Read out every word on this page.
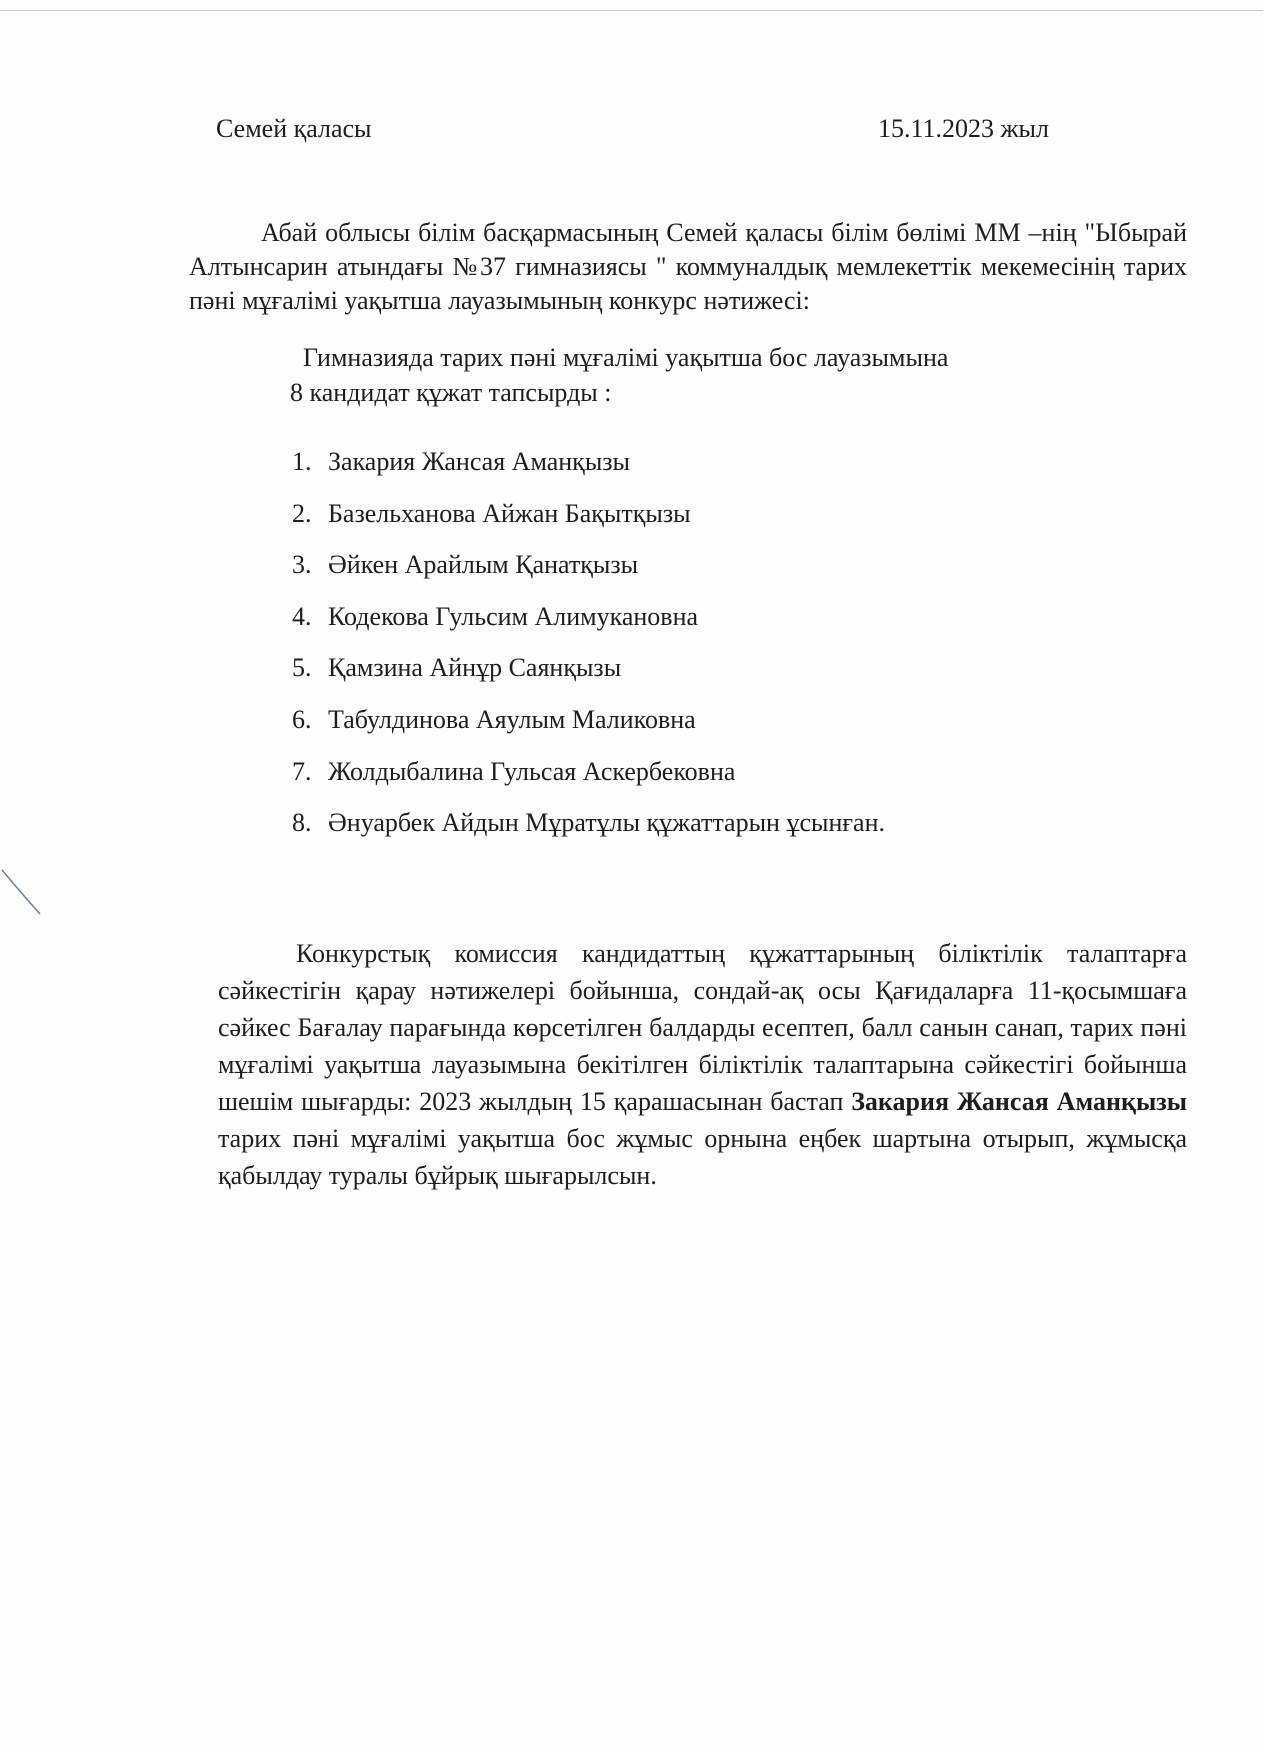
Семей қаласы	15.11.2023 жыл

Абай облысы білім басқармасының Семей қаласы білім бөлімі ММ –нің "Ыбырай Алтынсарин атындағы №37 гимназиясы " коммуналдық мемлекеттік мекемесінің тарих пәні мұғалімі уақытша лауазымының конкурс нәтижесі:

Гимназияда тарих пәні мұғалімі уақытша бос лауазымына

8 кандидат құжат тапсырды :

1. Закария Жансая Аманқызы
2. Базельханова Айжан Бақытқызы
3. Әйкен Арайлым Қанатқызы
4. Кодекова Гульсим Алимукановна
5. Қамзина Айнұр Саянқызы
6. Табулдинова Аяулым Маликовна
7. Жолдыбалина Гульсая Аскербековна
8. Әнуарбек Айдын Мұратұлы құжаттарын ұсынған.

Конкурстық комиссия кандидаттың құжаттарының біліктілік талаптарға сәйкестігін қарау нәтижелері бойынша, сондай-ақ осы Қағидаларға 11-қосымшаға сәйкес Бағалау парағында көрсетілген балдарды есептеп, балл санын санап, тарих пәні мұғалімі уақытша лауазымына бекітілген біліктілік талаптарына сәйкестігі бойынша шешім шығарды: 2023 жылдың 15 қарашасынан бастап Закария Жансая Аманқызы тарих пәні мұғалімі уақытша бос жұмыс орнына еңбек шартына отырып, жұмысқа қабылдау туралы бұйрық шығарылсын.
